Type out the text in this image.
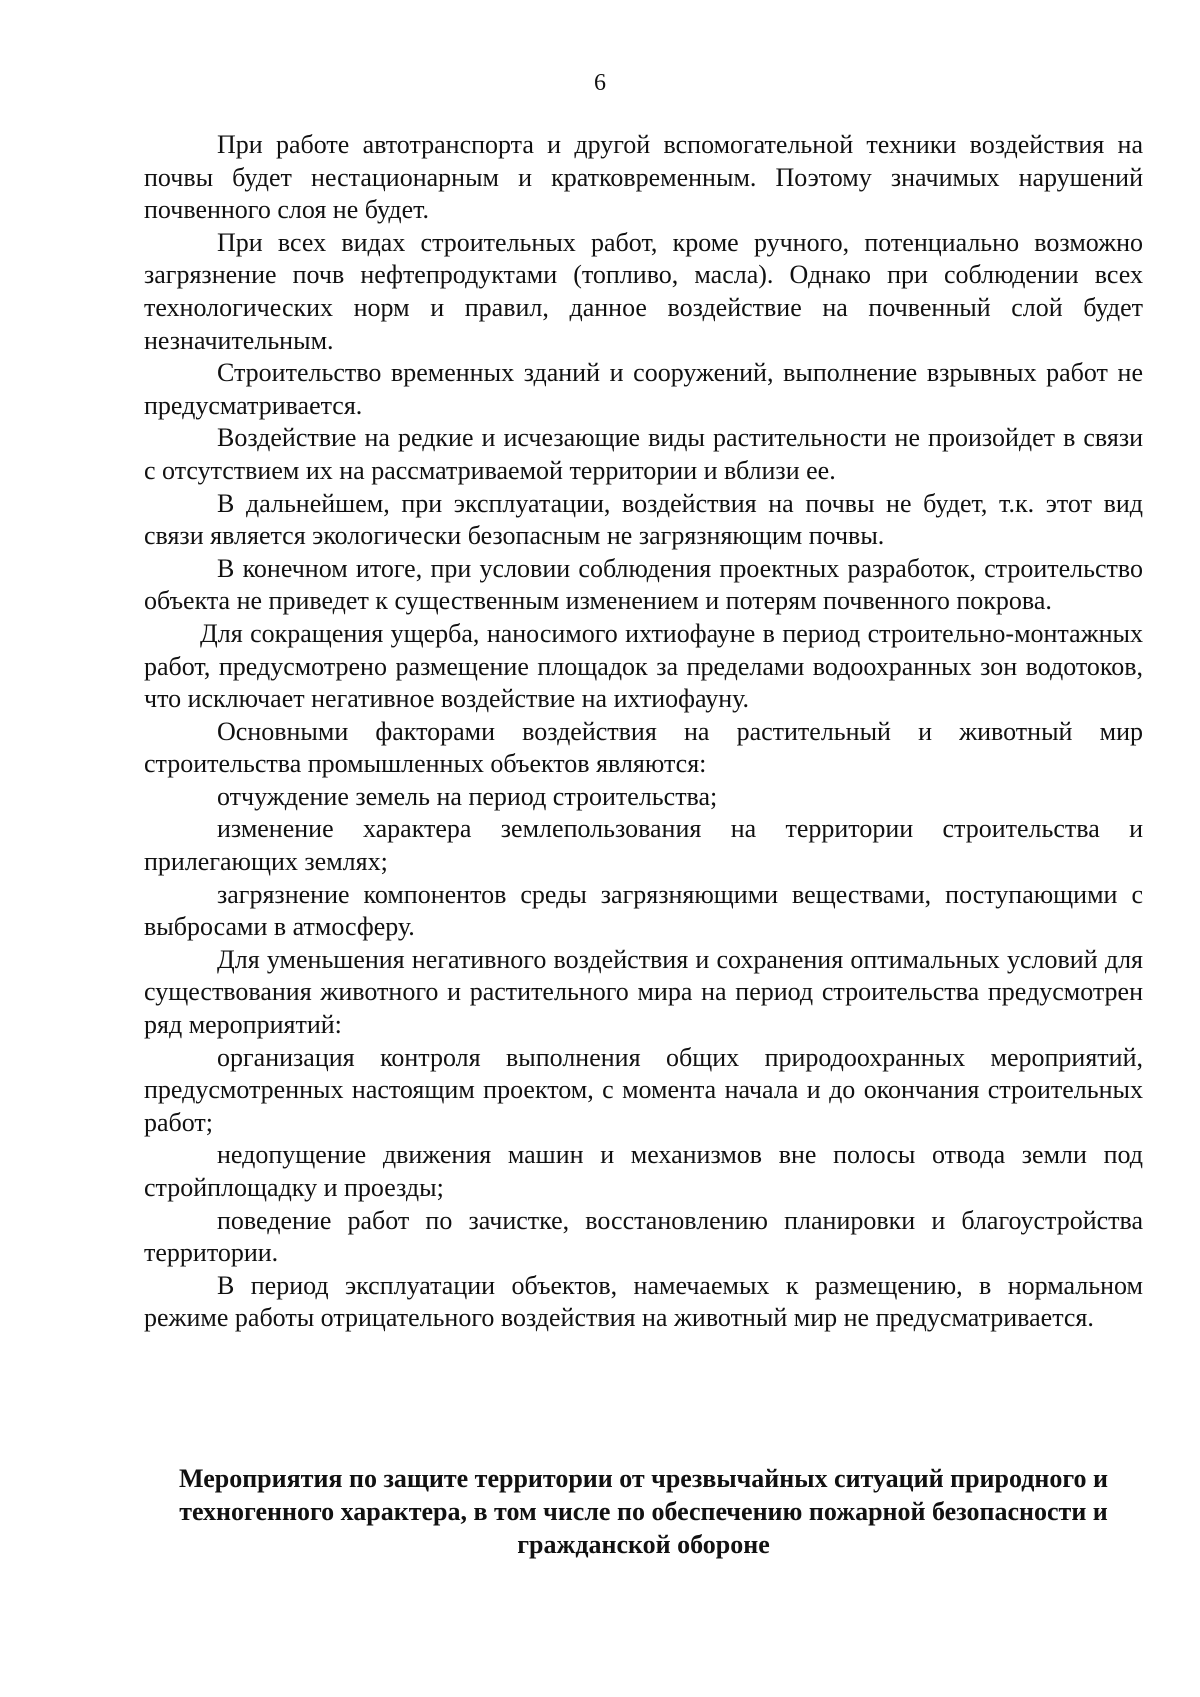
6

При работе автотранспорта и другой вспомогательной техники воздействия на почвы будет нестационарным и кратковременным. Поэтому значимых нарушений почвенного слоя не будет.

При всех видах строительных работ, кроме ручного, потенциально возможно загрязнение почв нефтепродуктами (топливо, масла). Однако при соблюдении всех технологических норм и правил, данное воздействие на почвенный слой будет незначительным.

Строительство временных зданий и сооружений, выполнение взрывных работ не предусматривается.

Воздействие на редкие и исчезающие виды растительности не произойдет в связи с отсутствием их на рассматриваемой территории и вблизи ее.

В дальнейшем, при эксплуатации, воздействия на почвы не будет, т.к. этот вид связи является экологически безопасным не загрязняющим почвы.

В конечном итоге, при условии соблюдения проектных разработок, строительство объекта не приведет к существенным изменением и потерям почвенного покрова.

Для сокращения ущерба, наносимого ихтиофауне в период строительно-монтажных работ, предусмотрено размещение площадок за пределами водоохранных зон водотоков, что исключает негативное воздействие на ихтиофауну.

Основными факторами воздействия на растительный и животный мир строительства промышленных объектов являются:

отчуждение земель на период строительства;

изменение характера землепользования на территории строительства и прилегающих землях;

загрязнение компонентов среды загрязняющими веществами, поступающими с выбросами в атмосферу.

Для уменьшения негативного воздействия и сохранения оптимальных условий для существования животного и растительного мира на период строительства предусмотрен ряд мероприятий:

организация контроля выполнения общих природоохранных мероприятий, предусмотренных настоящим проектом, с момента начала и до окончания строительных работ;

недопущение движения машин и механизмов вне полосы отвода земли под стройплощадку и проезды;

поведение работ по зачистке, восстановлению планировки и благоустройства территории.

В период эксплуатации объектов, намечаемых к размещению, в нормальном режиме работы отрицательного воздействия на животный мир не предусматривается.

Мероприятия по защите территории от чрезвычайных ситуаций природного и техногенного характера, в том числе по обеспечению пожарной безопасности и гражданской обороне
